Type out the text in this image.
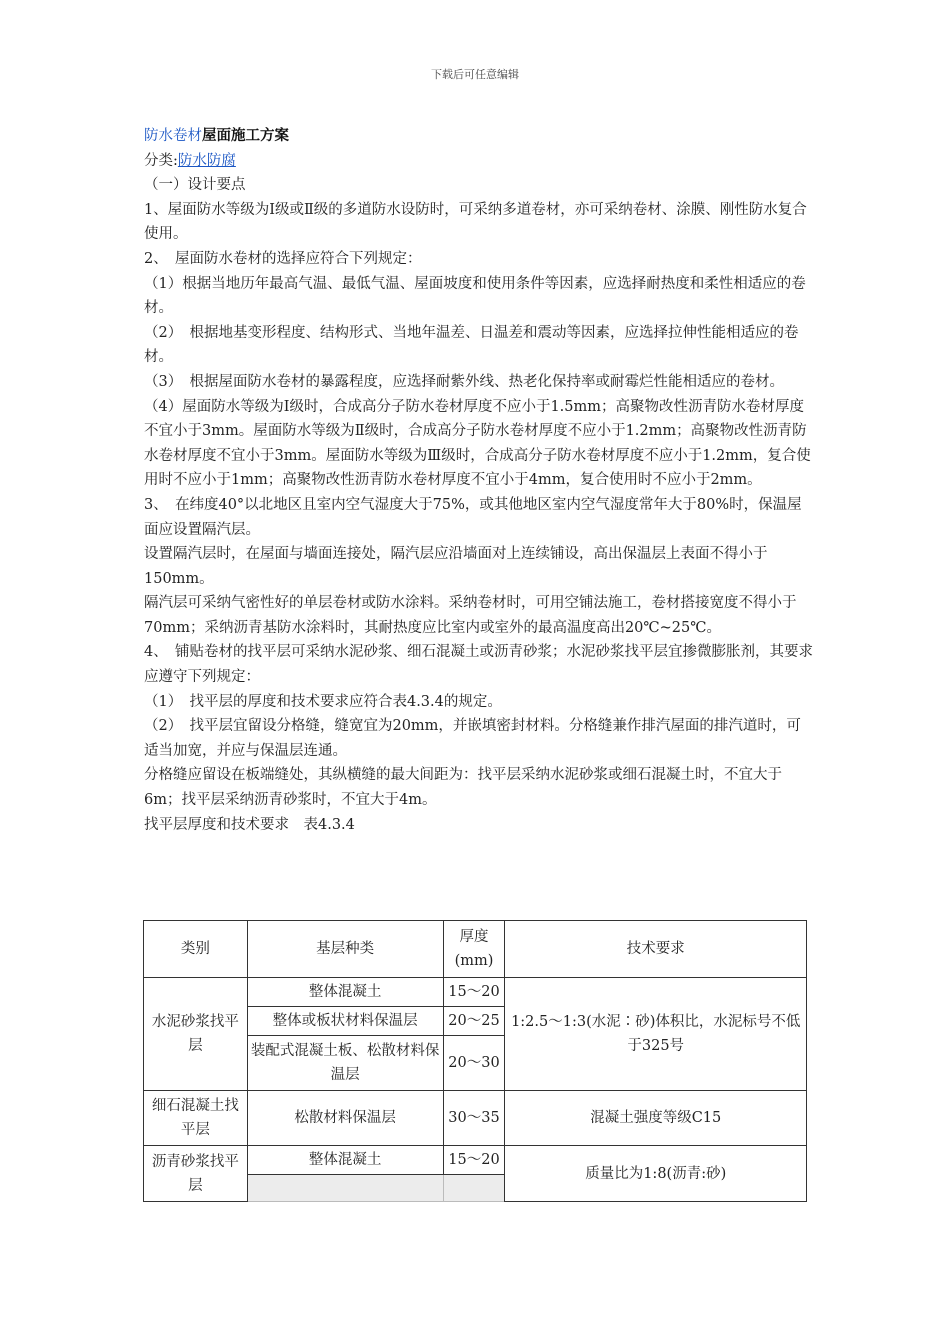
下载后可任意编辑

防水卷材屋面施工方案

分类:防水防腐

（一）设计要点

1、屋面防水等级为Ⅰ级或Ⅱ级的多道防水设防时，可采纳多道卷材，亦可采纳卷材、涂膜、刚性防水复合使用。

2、　屋面防水卷材的选择应符合下列规定：

（1）根据当地历年最高气温、最低气温、屋面坡度和使用条件等因素，应选择耐热度和柔性相适应的卷材。

（2）　根据地基变形程度、结构形式、当地年温差、日温差和震动等因素，应选择拉伸性能相适应的卷材。

（3）　根据屋面防水卷材的暴露程度，应选择耐紫外线、热老化保持率或耐霉烂性能相适应的卷材。

（4）屋面防水等级为Ⅰ级时，合成高分子防水卷材厚度不应小于1.5mm；高聚物改性沥青防水卷材厚度不宜小于3mm。屋面防水等级为Ⅱ级时，合成高分子防水卷材厚度不应小于1.2mm；高聚物改性沥青防水卷材厚度不宜小于3mm。屋面防水等级为Ⅲ级时，合成高分子防水卷材厚度不应小于1.2mm，复合使用时不应小于1mm；高聚物改性沥青防水卷材厚度不宜小于4mm，复合使用时不应小于2mm。

3、　在纬度40°以北地区且室内空气湿度大于75%，或其他地区室内空气湿度常年大于80%时，保温屋面应设置隔汽层。

设置隔汽层时，在屋面与墙面连接处，隔汽层应沿墙面对上连续铺设，高出保温层上表面不得小于150mm。

隔汽层可采纳气密性好的单层卷材或防水涂料。采纳卷材时，可用空铺法施工，卷材搭接宽度不得小于70mm；采纳沥青基防水涂料时，其耐热度应比室内或室外的最高温度高出20℃~25℃。

4、　铺贴卷材的找平层可采纳水泥砂浆、细石混凝土或沥青砂浆；水泥砂浆找平层宜掺微膨胀剂，其要求应遵守下列规定：

（1）　找平层的厚度和技术要求应符合表4.3.4的规定。

（2）　找平层宜留设分格缝，缝宽宜为20mm，并嵌填密封材料。分格缝兼作排汽屋面的排汽道时，可适当加宽，并应与保温层连通。

分格缝应留设在板端缝处，其纵横缝的最大间距为：找平层采纳水泥砂浆或细石混凝土时，不宜大于6m；找平层采纳沥青砂浆时，不宜大于4m。

找平层厚度和技术要求　表4.3.4

类别	基层种类	厚度(mm)	技术要求
水泥砂浆找平层	整体混凝土	15～20	1:2.5～1:3(水泥∶砂)体积比，水泥标号不低于325号
	整体或板状材料保温层	20～25	
	装配式混凝土板、松散材料保温层	20～30	
细石混凝土找平层	松散材料保温层	30～35	混凝土强度等级C15
沥青砂浆找平层	整体混凝土	15～20	质量比为1:8(沥青:砂)
